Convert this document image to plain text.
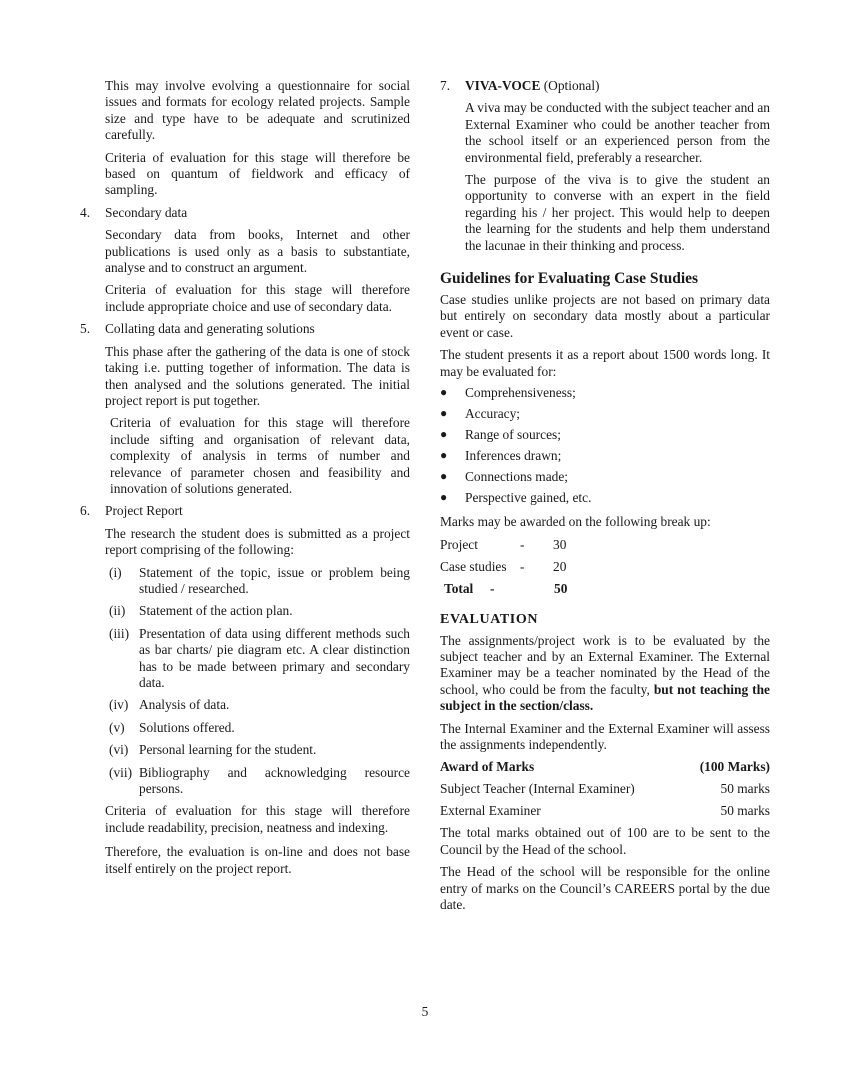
This may involve evolving a questionnaire for social issues and formats for ecology related projects. Sample size and type have to be adequate and scrutinized carefully.

Criteria of evaluation for this stage will therefore be based on quantum of fieldwork and efficacy of sampling.

4.	Secondary data

Secondary data from books, Internet and other publications is used only as a basis to substantiate, analyse and to construct an argument.

Criteria of evaluation for this stage will therefore include appropriate choice and use of secondary data.

5.	Collating data and generating solutions

This phase after the gathering of the data is one of stock taking i.e. putting together of information. The data is then analysed and the solutions generated. The initial project report is put together.

Criteria of evaluation for this stage will therefore include sifting and organisation of relevant data, complexity of analysis in terms of number and relevance of parameter chosen and feasibility and innovation of solutions generated.

6.	Project Report

The research the student does is submitted as a project report comprising of the following:

(i)	Statement of the topic, issue or problem being studied / researched.
(ii)	Statement of the action plan.
(iii) Presentation of data using different methods such as bar charts/ pie diagram etc. A clear distinction has to be made between primary and secondary data.
(iv) Analysis of data.
(v)	Solutions offered.
(vi) Personal learning for the student.
(vii) Bibliography and acknowledging resource persons.

Criteria of evaluation for this stage will therefore include readability, precision, neatness and indexing.

Therefore, the evaluation is on-line and does not base itself entirely on the project report.

7.	VIVA-VOCE (Optional)

A viva may be conducted with the subject teacher and an External Examiner who could be another teacher from the school itself or an experienced person from the environmental field, preferably a researcher.

The purpose of the viva is to give the student an opportunity to converse with an expert in the field regarding his / her project. This would help to deepen the learning for the students and help them understand the lacunae in their thinking and process.

Guidelines for Evaluating Case Studies

Case studies unlike projects are not based on primary data but entirely on secondary data mostly about a particular event or case.

The student presents it as a report about 1500 words long. It may be evaluated for:

●	Comprehensiveness;
●	Accuracy;
●	Range of sources;
●	Inferences drawn;
●	Connections made;
●	Perspective gained, etc.

Marks may be awarded on the following break up:

Project	-	30
Case studies	-	20
Total	-	50
EVALUATION

The assignments/project work is to be evaluated by the subject teacher and by an External Examiner. The External Examiner may be a teacher nominated by the Head of the school, who could be from the faculty, but not teaching the subject in the section/class.

The Internal Examiner and the External Examiner will assess the assignments independently.

Award of Marks	(100 Marks)
Subject Teacher (Internal Examiner)	50 marks
External Examiner	50 marks

The total marks obtained out of 100 are to be sent to the Council by the Head of the school.

The Head of the school will be responsible for the online entry of marks on the Council’s CAREERS portal by the due date.

5
